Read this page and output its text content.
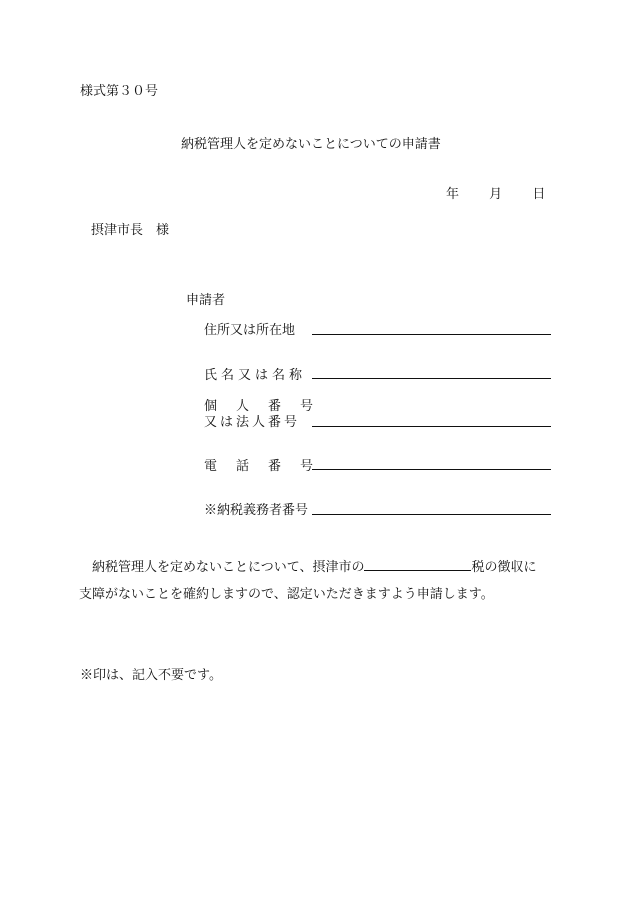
様式第３０号
納税管理人を定めないことについての申請書
年 月 日
摂津市長 様
申請者
住所又は所在地
氏名又は名称
個 人 番 号
又は法人番号
電 話 番 号
※納税義務者番号
納税管理人を定めないことについて、摂津市の	税の徴収に
支障がないことを確約しますので、認定いただきますよう申請します。
※印は、記入不要です。
